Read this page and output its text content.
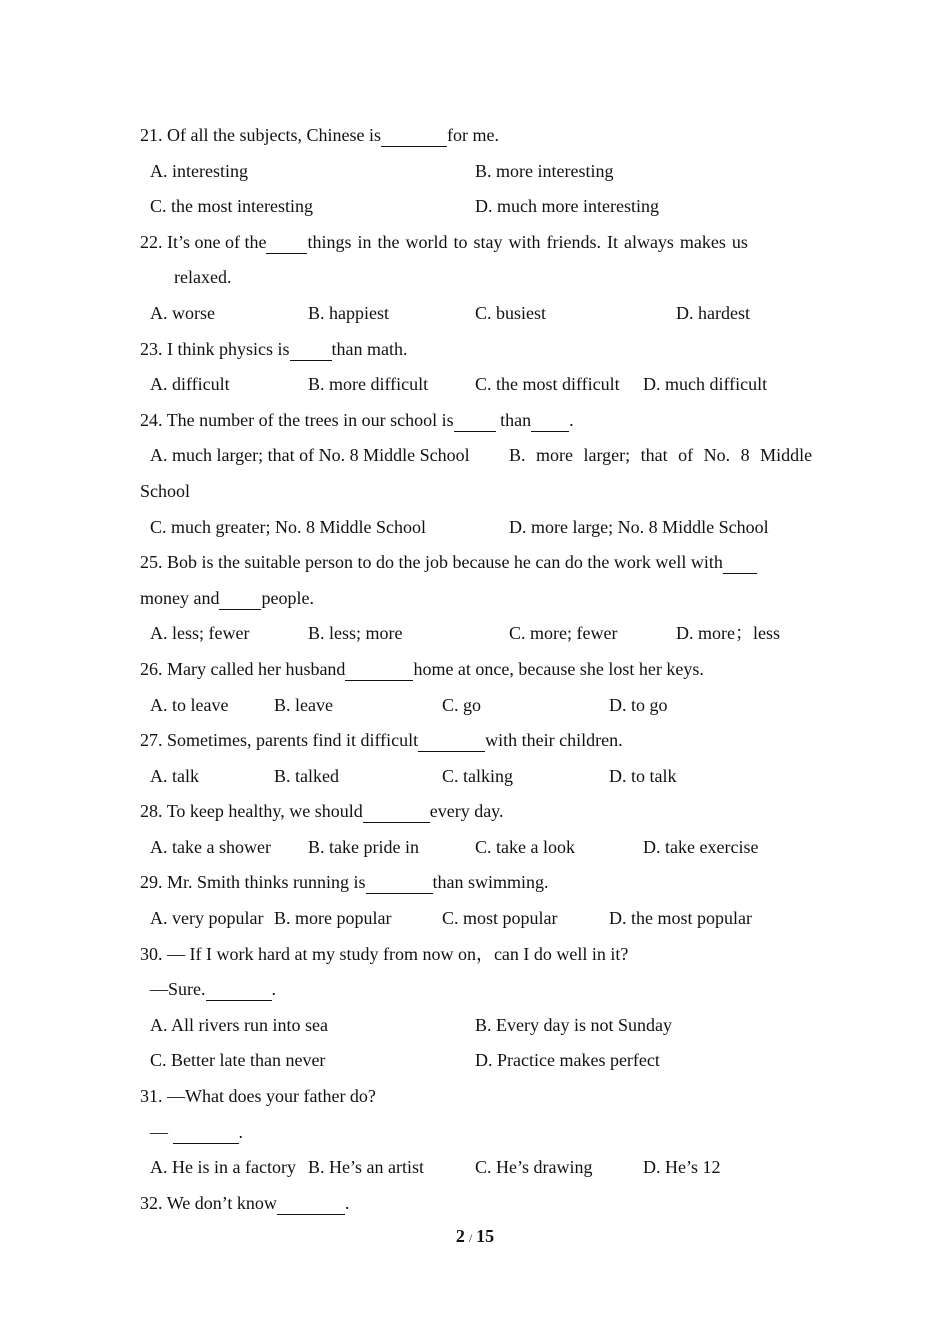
21. Of all the subjects, Chinese is	for me.
A. interesting	B. more interesting
C. the most interesting	D. much more interesting
22. It’s one of the things in the world to stay with friends. It always makes us
relaxed.
A. worse	B. happiest	C. busiest	D. hardest
23. I think physics is than math.
A. difficult	B. more difficult	C. the most difficult D. much difficult
24. The number of the trees in our school is than .
A. much larger; that of No. 8 Middle School B. more larger; that of No. 8 Middle
School
C. much greater; No. 8 Middle School	D. more large; No. 8 Middle School
25. Bob is the suitable person to do the job because he can do the work well with
money and people.
A. less; fewer	B. less; more	C. more; fewer	D. more；less
26. Mary called her husband	home at once, because she lost her keys.
A. to leave	B. leave	C. go	D. to go
27. Sometimes, parents find it difficult	with their children.
A. talk	B. talked	C. talking	D. to talk
28. To keep healthy, we should	every day.
A. take a shower B. take pride in	C. take a look	D. take exercise
29. Mr. Smith thinks running is	than swimming.
A. very popular B. more popular	C. most popular	D. the most popular
30. — If I work hard at my study from now on，can I do well in it?
—Sure.	.
A. All rivers run into sea	B. Every day is not Sunday
C. Better late than never	D. Practice makes perfect
31. —What does your father do?
—	.
A. He is in a factory B. He’s an artist	C. He’s drawing	D. He’s 12
32. We don’t know	.
2 / 15
